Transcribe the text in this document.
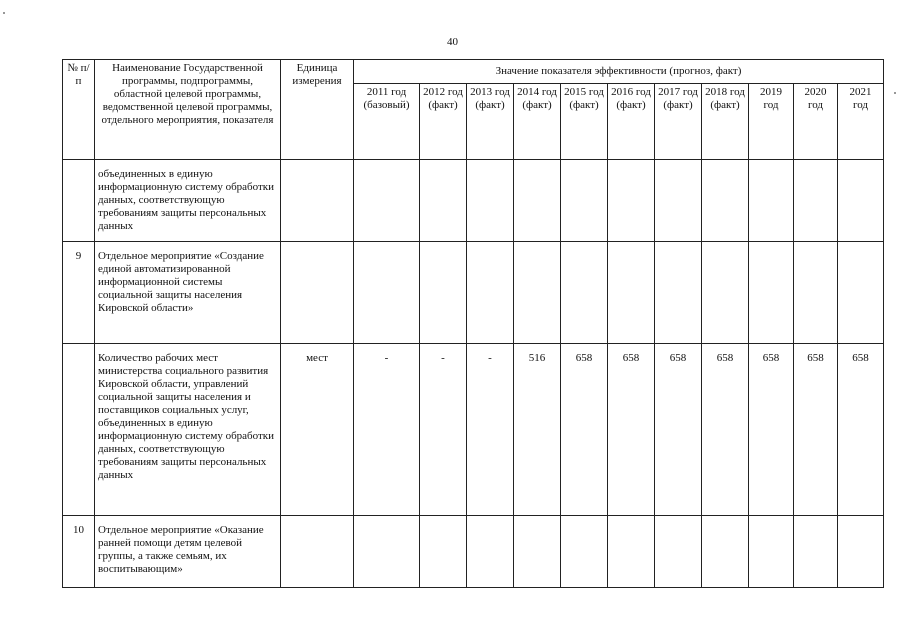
40
№ п/п	Наименование Государственной программы, подпрограммы, областной целевой программы, ведомственной целевой программы, отдельного мероприятия, показателя	Единица измерения	Значение показателя эффективности (прогноз, факт)										
			2011 год (базовый)	2012 год (факт)	2013 год (факт)	2014 год (факт)	2015 год (факт)	2016 год (факт)	2017 год (факт)	2018 год (факт)	2019 год	2020 год	2021 год
	объединенных в единую информационную систему обработки данных, соответствующую требованиям защиты персональных данных												
9	Отдельное мероприятие «Создание единой автоматизированной информационной системы социальной защиты населения Кировской области»												
	Количество рабочих мест министерства социального развития Кировской области, управлений социальной защиты населения и поставщиков социальных услуг, объединенных в единую информационную систему обработки данных, соответствующую требованиям защиты персональных данных	мест	-	-	-	516	658	658	658	658	658	658	658
10	Отдельное мероприятие «Оказание ранней помощи детям целевой группы, а также семьям, их воспитывающим»												
